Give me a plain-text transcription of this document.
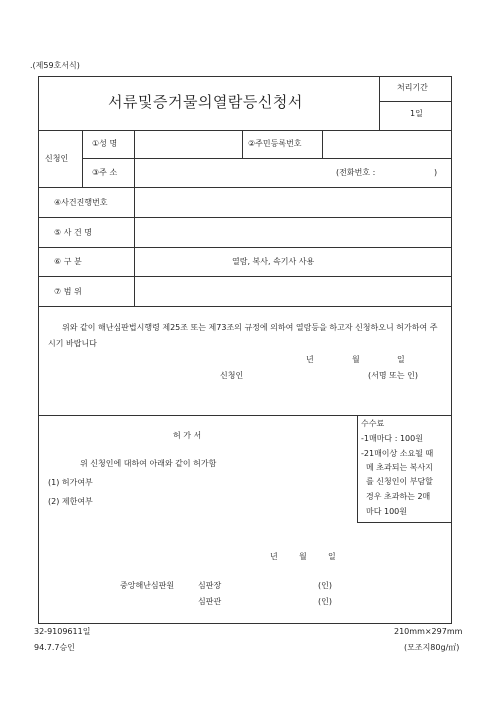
.(제59호서식)
서류및증거물의열람등신청서
처리기간
1일
신청인
①성 명	②주민등록번호
③주 소	(전화번호 :	)
④사건진행번호
⑤ 사 건 명
⑥ 구 분	열람, 복사, 속기사 사용
⑦ 범 위
위와 같이 해난심판법시행령 제25조 또는 제73조의 규정에 의하여 열람등을 하고자 신청하오니 허가하여 주시기 바랍니다
년	월	일
신청인	(서명 또는 인)
허 가 서
위 신청인에 대하여 아래와 같이 허가함
(1) 허가여부
(2) 제한여부
수수료
-1매마다 : 100원
-21매이상 소요될 때
메 초과되는 복사지
를 신청인이 부담할
경우 초과하는 2매
마다 100원
년	월	일
중앙해난심판원	심판장	(인)
심판관	(인)
32-9109611일
94.7.7승인
210mm×297mm
(모조지80g/㎡)
